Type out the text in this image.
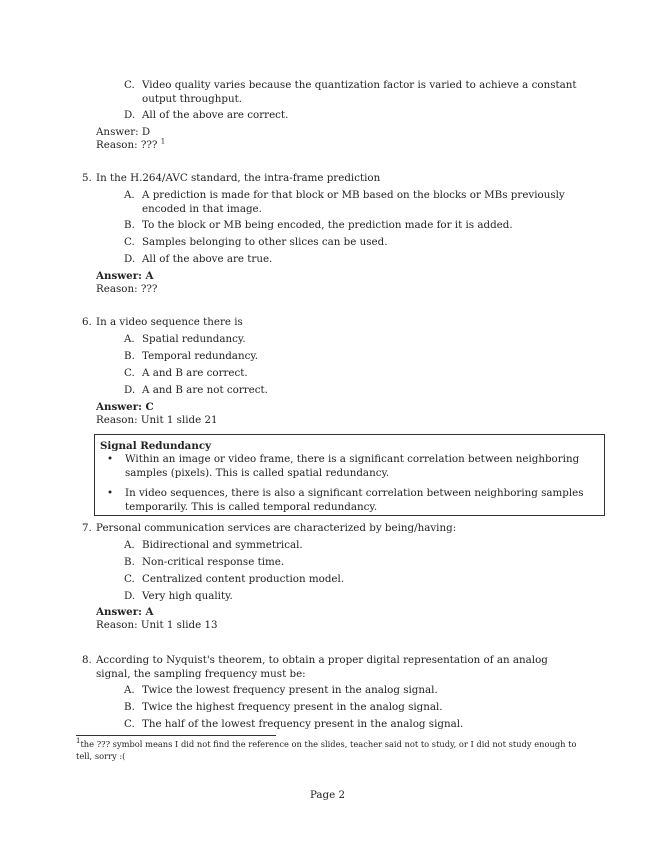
C. Video quality varies because the quantization factor is varied to achieve a constant output throughput.
D. All of the above are correct.
Answer: D
Reason: ??? $^1$
5. In the H.264/AVC standard, the intra-frame prediction
A. A prediction is made for that block or MB based on the blocks or MBs previously encoded in that image.
B. To the block or MB being encoded, the prediction made for it is added.
C. Samples belonging to other slices can be used.
D. All of the above are true.
Answer: A
Reason: ???
6. In a video sequence there is
A. Spatial redundancy.
B. Temporal redundancy.
C. A and B are correct.
D. A and B are not correct.
Answer: C
Reason: Unit 1 slide 21
Signal Redundancy
• Within an image or video frame, there is a significant correlation between neighboring samples (pixels). This is called spatial redundancy.
• In video sequences, there is also a significant correlation between neighboring samples temporarily. This is called temporal redundancy.
7. Personal communication services are characterized by being/having:
A. Bidirectional and symmetrical.
B. Non-critical response time.
C. Centralized content production model.
D. Very high quality.
Answer: A
Reason: Unit 1 slide 13
8. According to Nyquist's theorem, to obtain a proper digital representation of an analog signal, the sampling frequency must be:
A. Twice the lowest frequency present in the analog signal.
B. Twice the highest frequency present in the analog signal.
C. The half of the lowest frequency present in the analog signal.
$^1$the ??? symbol means I did not find the reference on the slides, teacher said not to study, or I did not study enough to tell, sorry :(
Page 2
